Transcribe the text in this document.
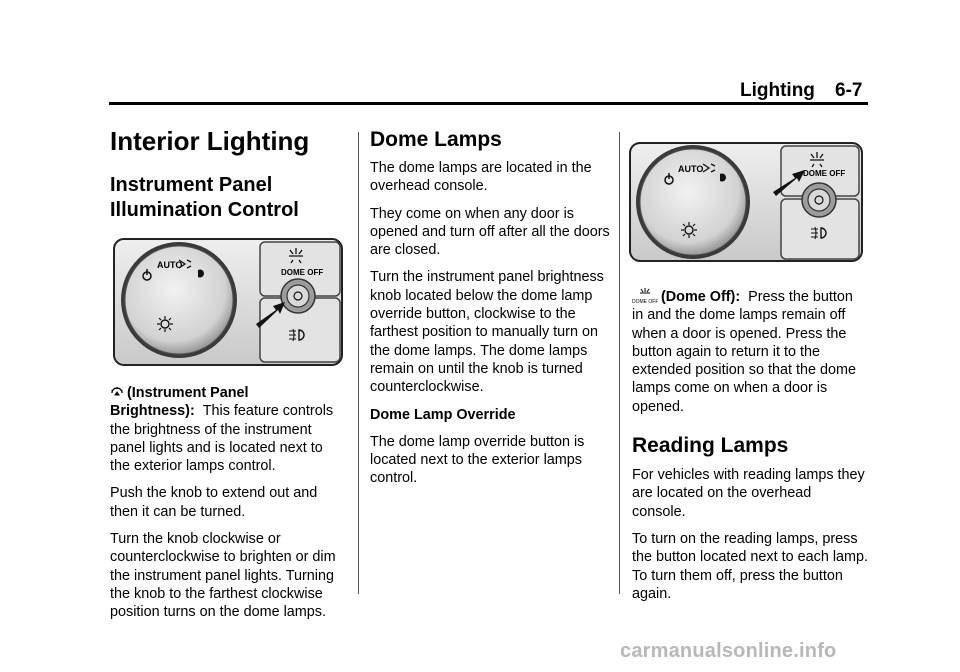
Lighting 6-7
Interior Lighting
Instrument Panel Illumination Control
AUTO
DOME OFF

(Instrument Panel Brightness): This feature controls the brightness of the instrument panel lights and is located next to the exterior lamps control.

Push the knob to extend out and then it can be turned.

Turn the knob clockwise or counterclockwise to brighten or dim the instrument panel lights. Turning the knob to the farthest clockwise position turns on the dome lamps.

Dome Lamps

The dome lamps are located in the overhead console.

They come on when any door is opened and turn off after all the doors are closed.

Turn the instrument panel brightness knob located below the dome lamp override button, clockwise to the farthest position to manually turn on the dome lamps. The dome lamps remain on until the knob is turned counterclockwise.

Dome Lamp Override

The dome lamp override button is located next to the exterior lamps control.

AUTO	DOME OFF

DOME OFF (Dome Off): Press the button in and the dome lamps remain off when a door is opened. Press the button again to return it to the extended position so that the dome lamps come on when a door is opened.

Reading Lamps

For vehicles with reading lamps they are located on the overhead console.

To turn on the reading lamps, press the button located next to each lamp. To turn them off, press the button again.

carmanualsonline.info
